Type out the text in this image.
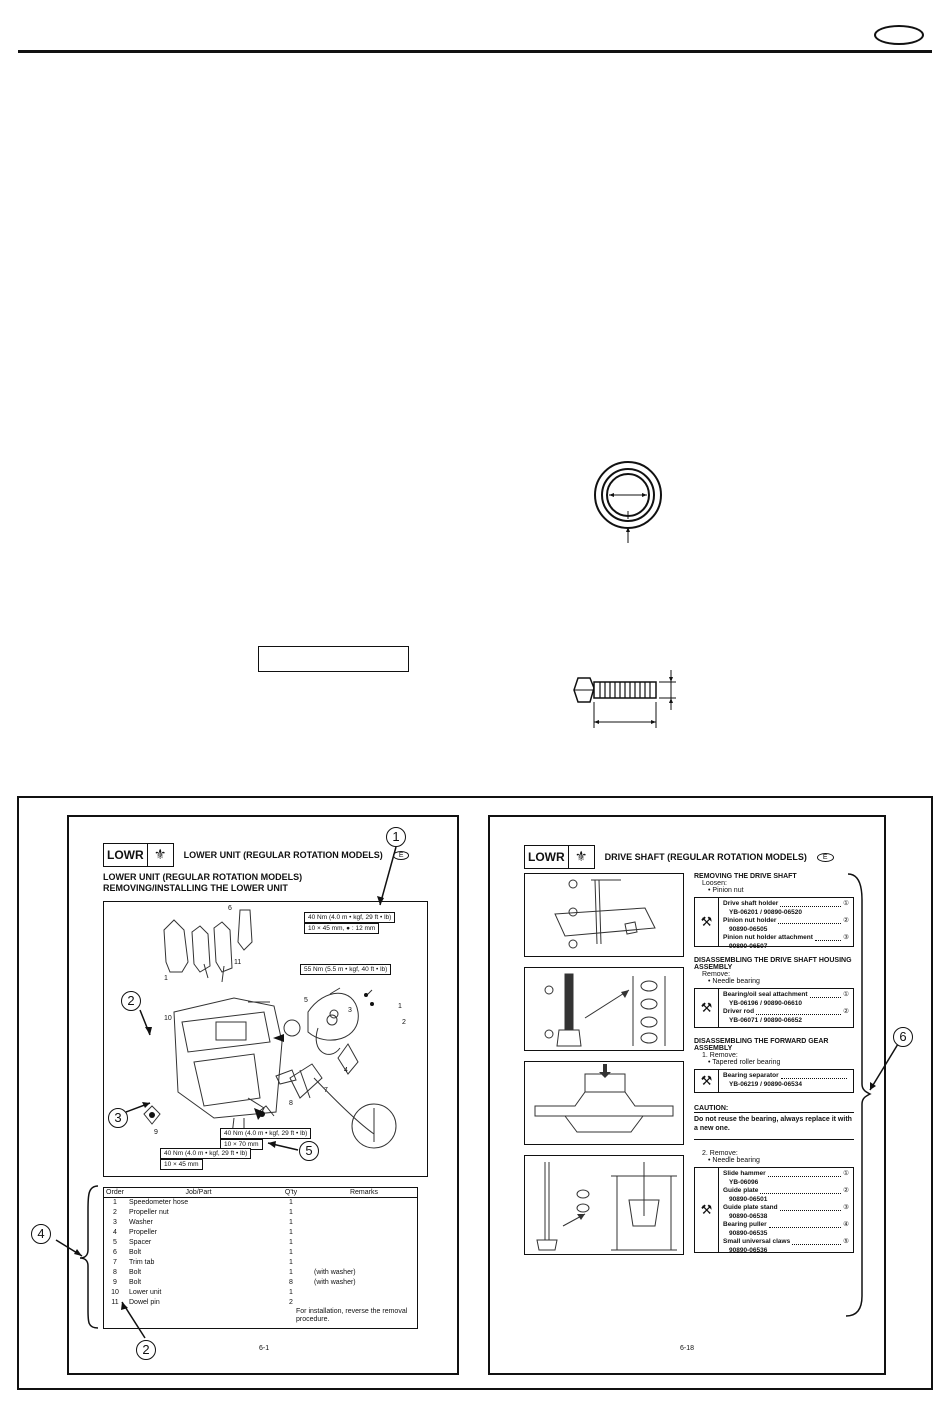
LOWR ⚜	LOWER UNIT (REGULAR ROTATION MODELS)	E
LOWER UNIT (REGULAR ROTATION MODELS)
REMOVING/INSTALLING THE LOWER UNIT
6
1
11
10
5
1
2
3
4
7
8
9
40 Nm (4.0 m • kgf, 29 ft • lb)
10 × 45 mm, ● : 12 mm
55 Nm (5.5 m • kgf, 40 ft • lb)
40 Nm (4.0 m • kgf, 29 ft • lb)
10 × 70 mm
40 Nm (4.0 m • kgf, 29 ft • lb)
10 × 45 mm
Order	Job/Part	Q'ty	Remarks
1	Speedometer hose	1	
2	Propeller nut	1	
3	Washer	1	
4	Propeller	1	
5	Spacer	1	
6	Bolt	1	
7	Trim tab	1	
8	Bolt	1	(with washer)
9	Bolt	8	(with washer)
10	Lower unit	1	
11	Dowel pin	2	
For installation, reverse the removal procedure.
6-1
LOWR ⚜	DRIVE SHAFT (REGULAR ROTATION MODELS)	E
REMOVING THE DRIVE SHAFT
Loosen:
• Pinion nut
⚒
Drive shaft holder	①
YB-06201 / 90890-06520
Pinion nut holder	②
90890-06505
Pinion nut holder attachment	③
90890-06507
DISASSEMBLING THE DRIVE SHAFT HOUSING ASSEMBLY
Remove:
• Needle bearing
⚒
Bearing/oil seal attachment	①
YB-06196 / 90890-06610
Driver rod	②
YB-06071 / 90890-06652
DISASSEMBLING THE FORWARD GEAR ASSEMBLY
1. Remove:
• Tapered roller bearing
⚒	Bearing separator
YB-06219 / 90890-06534
CAUTION:
Do not reuse the bearing, always replace it with a new one.
2. Remove:
• Needle bearing
⚒
Slide hammer	①
YB-06096
Guide plate	②
90890-06501
Guide plate stand	③
90890-06538
Bearing puller	④
90890-06535
Small universal claws	⑤
90890-06536
6-18
1
2
3
4
5
6
2
